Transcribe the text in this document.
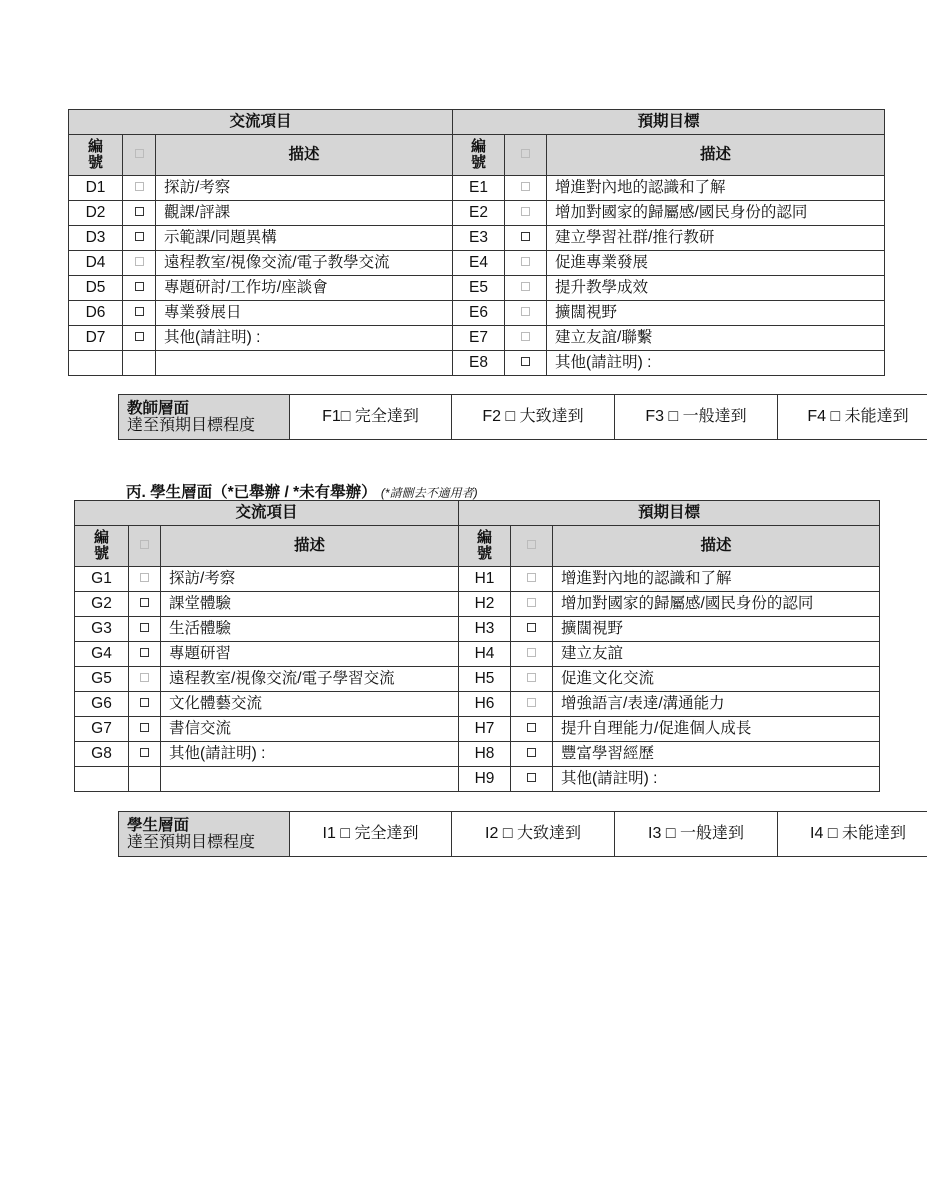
交流項目			預期目標		
編
號		描述	編
號		描述
D1		探訪/考察	E1		增進對內地的認識和了解
D2		觀課/評課	E2		增加對國家的歸屬感/國民身份的認同
D3		示範課/同題異構	E3		建立學習社群/推行教研
D4		遠程教室/視像交流/電子教學交流	E4		促進專業發展
D5		專題研討/工作坊/座談會	E5		提升教學成效
D6		專業發展日	E6		擴闊視野
D7		其他(請註明) :	E7		建立友誼/聯繫
			E8		其他(請註明) :
教師層面
達至預期目標程度	F1□ 完全達到	F2 □ 大致達到	F3 □ 一般達到	F4 □ 未能達到
丙. 學生層面（*已舉辦 / *未有舉辦） (*請刪去不適用者)
交流項目			預期目標		
編
號		描述	編
號		描述
G1		探訪/考察	H1		增進對內地的認識和了解
G2		課堂體驗	H2		增加對國家的歸屬感/國民身份的認同
G3		生活體驗	H3		擴闊視野
G4		專題研習	H4		建立友誼
G5		遠程教室/視像交流/電子學習交流	H5		促進文化交流
G6		文化體藝交流	H6		增強語言/表達/溝通能力
G7		書信交流	H7		提升自理能力/促進個人成長
G8		其他(請註明) :	H8		豐富學習經歷
			H9		其他(請註明) :
學生層面
達至預期目標程度	I1 □ 完全達到	I2 □ 大致達到	I3 □ 一般達到	I4 □ 未能達到
